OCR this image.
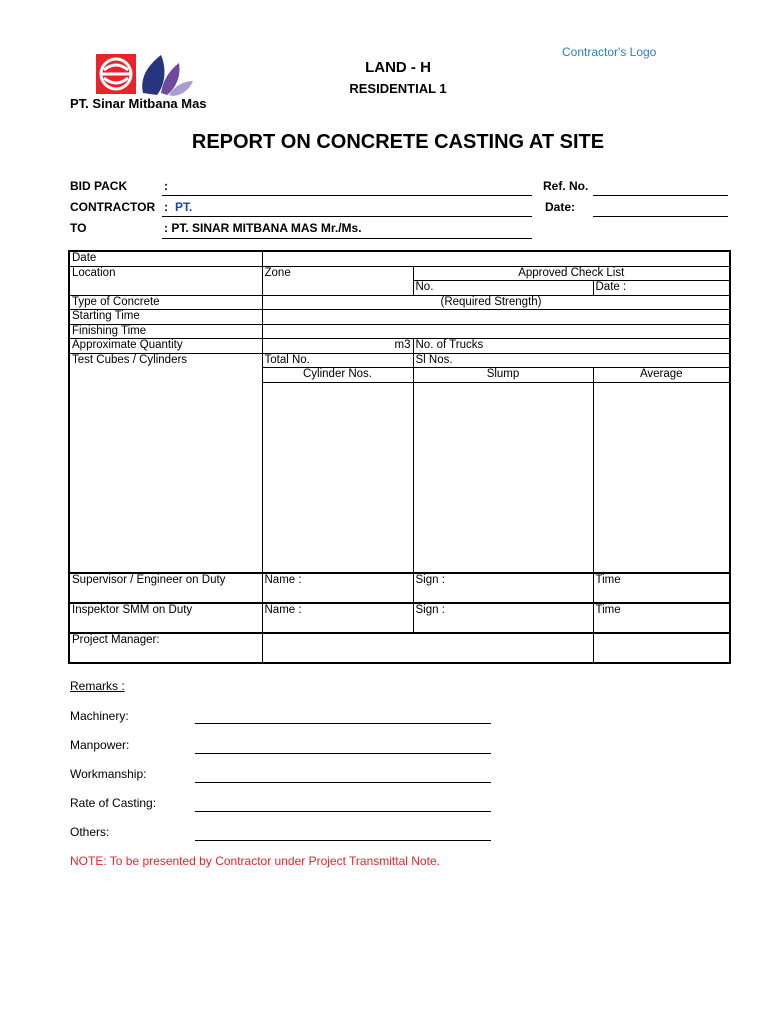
PT. Sinar Mitbana Mas
Contractor's Logo
LAND - H
RESIDENTIAL 1
REPORT ON CONCRETE CASTING AT SITE
BID PACK	:
CONTRACTOR : PT.
TO	: PT. SINAR MITBANA MAS Mr./Ms.
Ref. No.
Date:
Date			
Location	Zone	Approved Check List	
		No.	Date :
Type of Concrete	(Required Strength)		
Starting Time			
Finishing Time			
Approximate Quantity	m3	No. of Trucks	
Test Cubes / Cylinders	Total No.	Sl Nos.	
	Cylinder Nos.	Slump	Average

Supervisor / Engineer on Duty	Name :	Sign :	Time
Inspektor SMM on Duty	Name :	Sign :	Time
Project Manager:			
Remarks :
Machinery:
Manpower:
Workmanship:
Rate of Casting:
Others:
NOTE: To be presented by Contractor under Project Transmittal Note.
